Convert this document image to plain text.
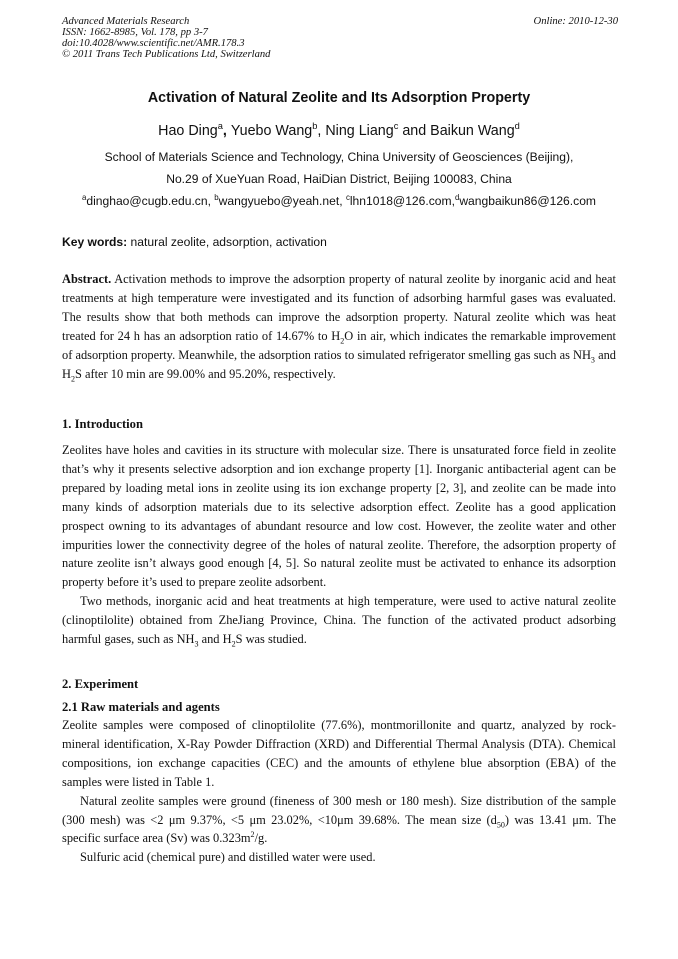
Advanced Materials Research	Online: 2010-12-30
ISSN: 1662-8985, Vol. 178, pp 3-7
doi:10.4028/www.scientific.net/AMR.178.3
© 2011 Trans Tech Publications Ltd, Switzerland
Activation of Natural Zeolite and Its Adsorption Property
Hao Ding$^a$, Yuebo Wang$^b$, Ning Liang$^c$ and Baikun Wang$^d$
School of Materials Science and Technology, China University of Geosciences (Beijing),
No.29 of XueYuan Road, HaiDian District, Beijing 100083, China
$^a$dinghao@cugb.edu.cn, $^b$wangyuebo@yeah.net, $^c$lhn1018@126.com,$^d$wangbaikun86@126.com
Key words: natural zeolite, adsorption, activation

Abstract. Activation methods to improve the adsorption property of natural zeolite by inorganic acid and heat treatments at high temperature were investigated and its function of adsorbing harmful gases was evaluated. The results show that both methods can improve the adsorption property. Natural zeolite which was heat treated for 24 h has an adsorption ratio of 14.67% to $H_2O$ in air, which indicates the remarkable improvement of adsorption property. Meanwhile, the adsorption ratios to simulated refrigerator smelling gas such as $NH_3$ and $H_2S$ after 10 min are 99.00% and 95.20%, respectively.

1. Introduction

Zeolites have holes and cavities in its structure with molecular size. There is unsaturated force field in zeolite that’s why it presents selective adsorption and ion exchange property [1]. Inorganic antibacterial agent can be prepared by loading metal ions in zeolite using its ion exchange property [2, 3], and zeolite can be made into many kinds of adsorption materials due to its selective adsorption effect. Zeolite has a good application prospect owning to its advantages of abundant resource and low cost. However, the zeolite water and other impurities lower the connectivity degree of the holes of natural zeolite. Therefore, the adsorption property of nature zeolite isn’t always good enough [4, 5]. So natural zeolite must be activated to enhance its adsorption property before it’s used to prepare zeolite adsorbent.

Two methods, inorganic acid and heat treatments at high temperature, were used to active natural zeolite (clinoptilolite) obtained from ZheJiang Province, China. The function of the activated product adsorbing harmful gases, such as $NH_3$ and $H_2S$ was studied.

2. Experiment
2.1 Raw materials and agents

Zeolite samples were composed of clinoptilolite (77.6%), montmorillonite and quartz, analyzed by rock-mineral identification, X-Ray Powder Diffraction (XRD) and Differential Thermal Analysis (DTA). Chemical compositions, ion exchange capacities (CEC) and the amounts of ethylene blue absorption (EBA) of the samples were listed in Table 1.

Natural zeolite samples were ground (fineness of 300 mesh or 180 mesh). Size distribution of the sample (300 mesh) was <2 μm 9.37%, <5 μm 23.02%, <10μm 39.68%. The mean size $(d_{50})$ was 13.41 μm. The specific surface area (Sv) was $0.323m^2/g$.

Sulfuric acid (chemical pure) and distilled water were used.
